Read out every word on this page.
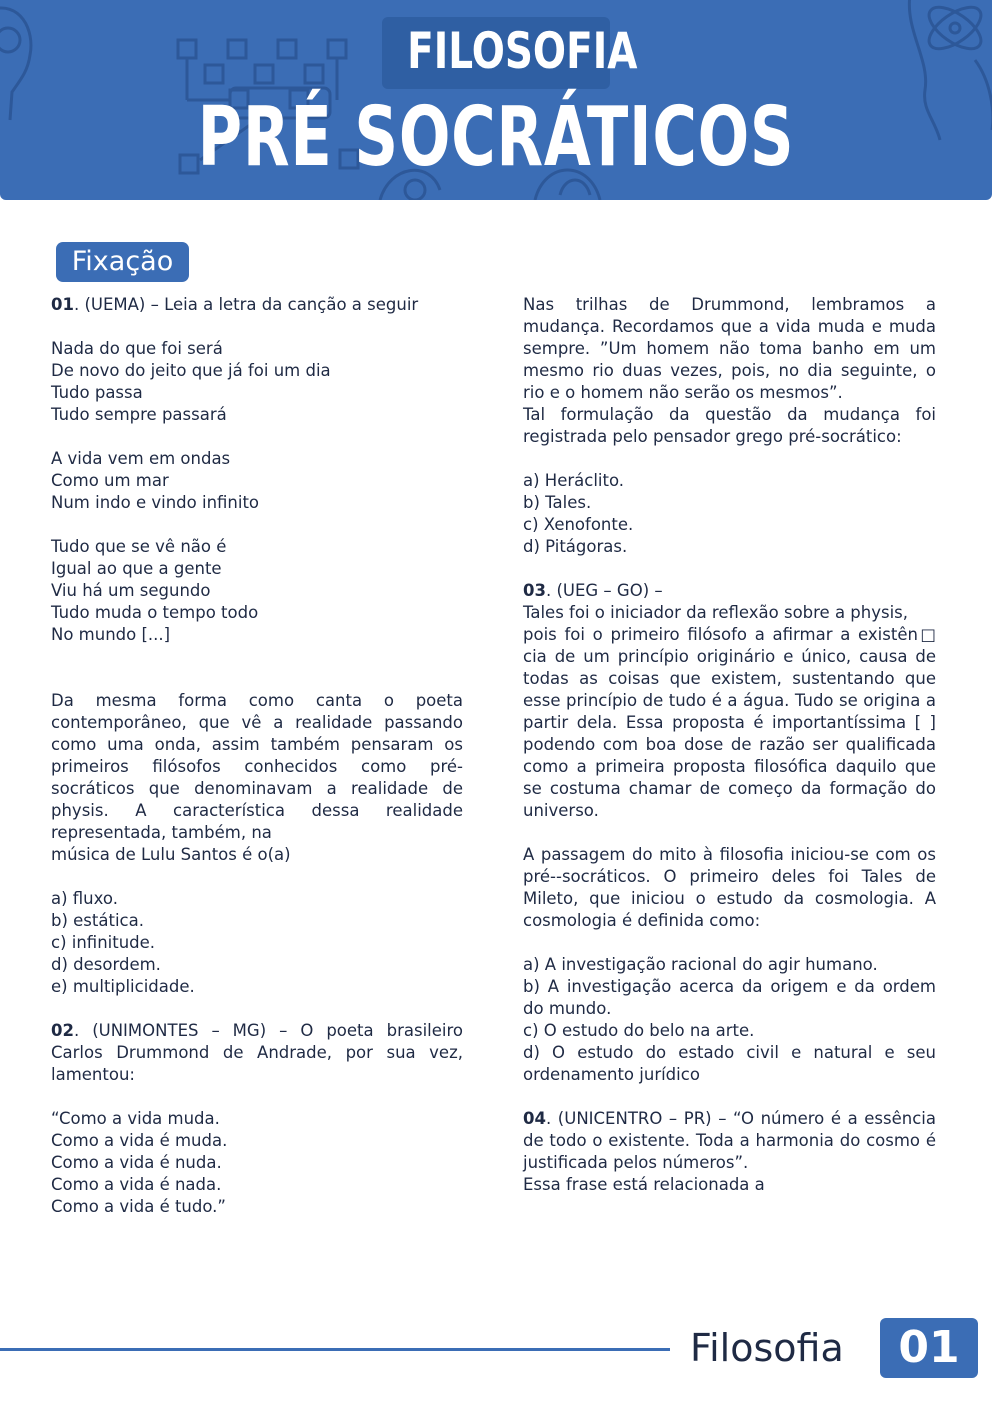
FILOSOFIA
PRÉ SOCRÁTICOS
Fixação

01. (UEMA) – Leia a letra da canção a seguir

Nada do que foi será

De novo do jeito que já foi um dia

Tudo passa

Tudo sempre passará

A vida vem em ondas

Como um mar

Num indo e vindo infinito

Tudo que se vê não é

Igual ao que a gente

Viu há um segundo

Tudo muda o tempo todo

No mundo [...]

Da mesma forma como canta o poeta contemporâneo, que vê a realidade passando como uma onda, assim também pensaram os primeiros filósofos conhecidos como pré-socráticos que denominavam a realidade de physis. A característica dessa realidade representada, também, na

música de Lulu Santos é o(a)

a) fluxo.

b) estática.

c) infinitude.

d) desordem.

e) multiplicidade.

02. (UNIMONTES – MG) – O poeta brasileiro Carlos Drummond de Andrade, por sua vez, lamentou:

“Como a vida muda.

Como a vida é muda.

Como a vida é nuda.

Como a vida é nada.

Como a vida é tudo.”

Nas trilhas de Drummond, lembramos a mudança. Recordamos que a vida muda e muda sempre. ”Um homem não toma banho em um mesmo rio duas vezes, pois, no dia seguinte, o rio e o homem não serão os mesmos”.

Tal formulação da questão da mudança foi registrada pelo pensador grego pré-socrático:

a) Heráclito.

b) Tales.

c) Xenofonte.

d) Pitágoras.

03. (UEG – GO) –

Tales foi o iniciador da reflexão sobre a physis,

pois foi o primeiro filósofo a afirmar a existên□ cia de um princípio originário e único, causa de todas as coisas que existem, sustentando que esse princípio de tudo é a água. Tudo se origina a partir dela. Essa proposta é importantíssima [ ] podendo com boa dose de razão ser qualificada como a primeira proposta filosófica daquilo que se costuma chamar de começo da formação do universo.

A passagem do mito à filosofia iniciou-se com os pré--socráticos. O primeiro deles foi Tales de Mileto, que iniciou o estudo da cosmologia. A cosmologia é definida como:

a) A investigação racional do agir humano.

b) A investigação acerca da origem e da ordem do mundo.

c) O estudo do belo na arte.

d) O estudo do estado civil e natural e seu ordenamento jurídico

04. (UNICENTRO – PR) – “O número é a essência de todo o existente. Toda a harmonia do cosmo é justificada pelos números”.

Essa frase está relacionada a

Filosofia	01
